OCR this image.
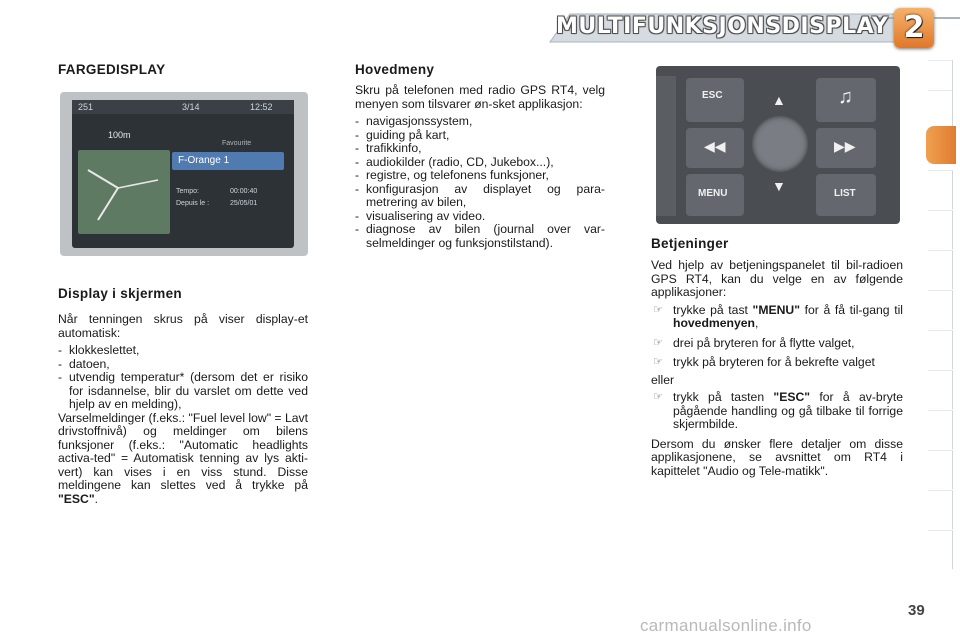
MULTIFUNKSJONSDISPLAY 2
FARGEDISPLAY
251	3/14	12:52
100m
F-Orange 1
Favourite
Tempo:	00:00:40
Depuis le :	25/05/01
Display i skjermen

Når tenningen skrus på viser display-et automatisk:

- klokkeslettet,
- datoen,
- utvendig temperatur* (dersom det er risiko for isdannelse, blir du varslet om dette ved hjelp av en melding),

Varselmeldinger (f.eks.: "Fuel level low" = Lavt drivstoffnivå) og meldinger om bilens funksjoner (f.eks.: "Automatic headlights activa-ted" = Automatisk tenning av lys akti-vert) kan vises i en viss stund. Disse meldingene kan slettes ved å trykke på "ESC".

Hovedmeny

Skru på telefonen med radio GPS RT4, velg menyen som tilsvarer øn-sket applikasjon:

- navigasjonssystem,
- guiding på kart,
- trafikkinfo,
- audiokilder (radio, CD, Jukebox...),
- registre, og telefonens funksjoner,
- konfigurasjon av displayet og para-metrering av bilen,
- visualisering av video.
- diagnose av bilen (journal over var-selmeldinger og funksjonstilstand).
ESC	♫
◀◀	▶▶
▲
▼
MENU	LIST
Betjeninger

Ved hjelp av betjeningspanelet til bil-radioen GPS RT4, kan du velge en av følgende applikasjoner:

☞ trykke på tast "MENU" for å få til-gang til hovedmenyen,
☞ drei på bryteren for å flytte valget,
☞ trykk på bryteren for å bekrefte valget

eller

☞ trykk på tasten "ESC" for å av-bryte pågående handling og gå tilbake til forrige skjermbilde.

Dersom du ønsker flere detaljer om disse applikasjonene, se avsnittet om RT4 i kapittelet "Audio og Tele-matikk".

39
carmanualsonline.info
